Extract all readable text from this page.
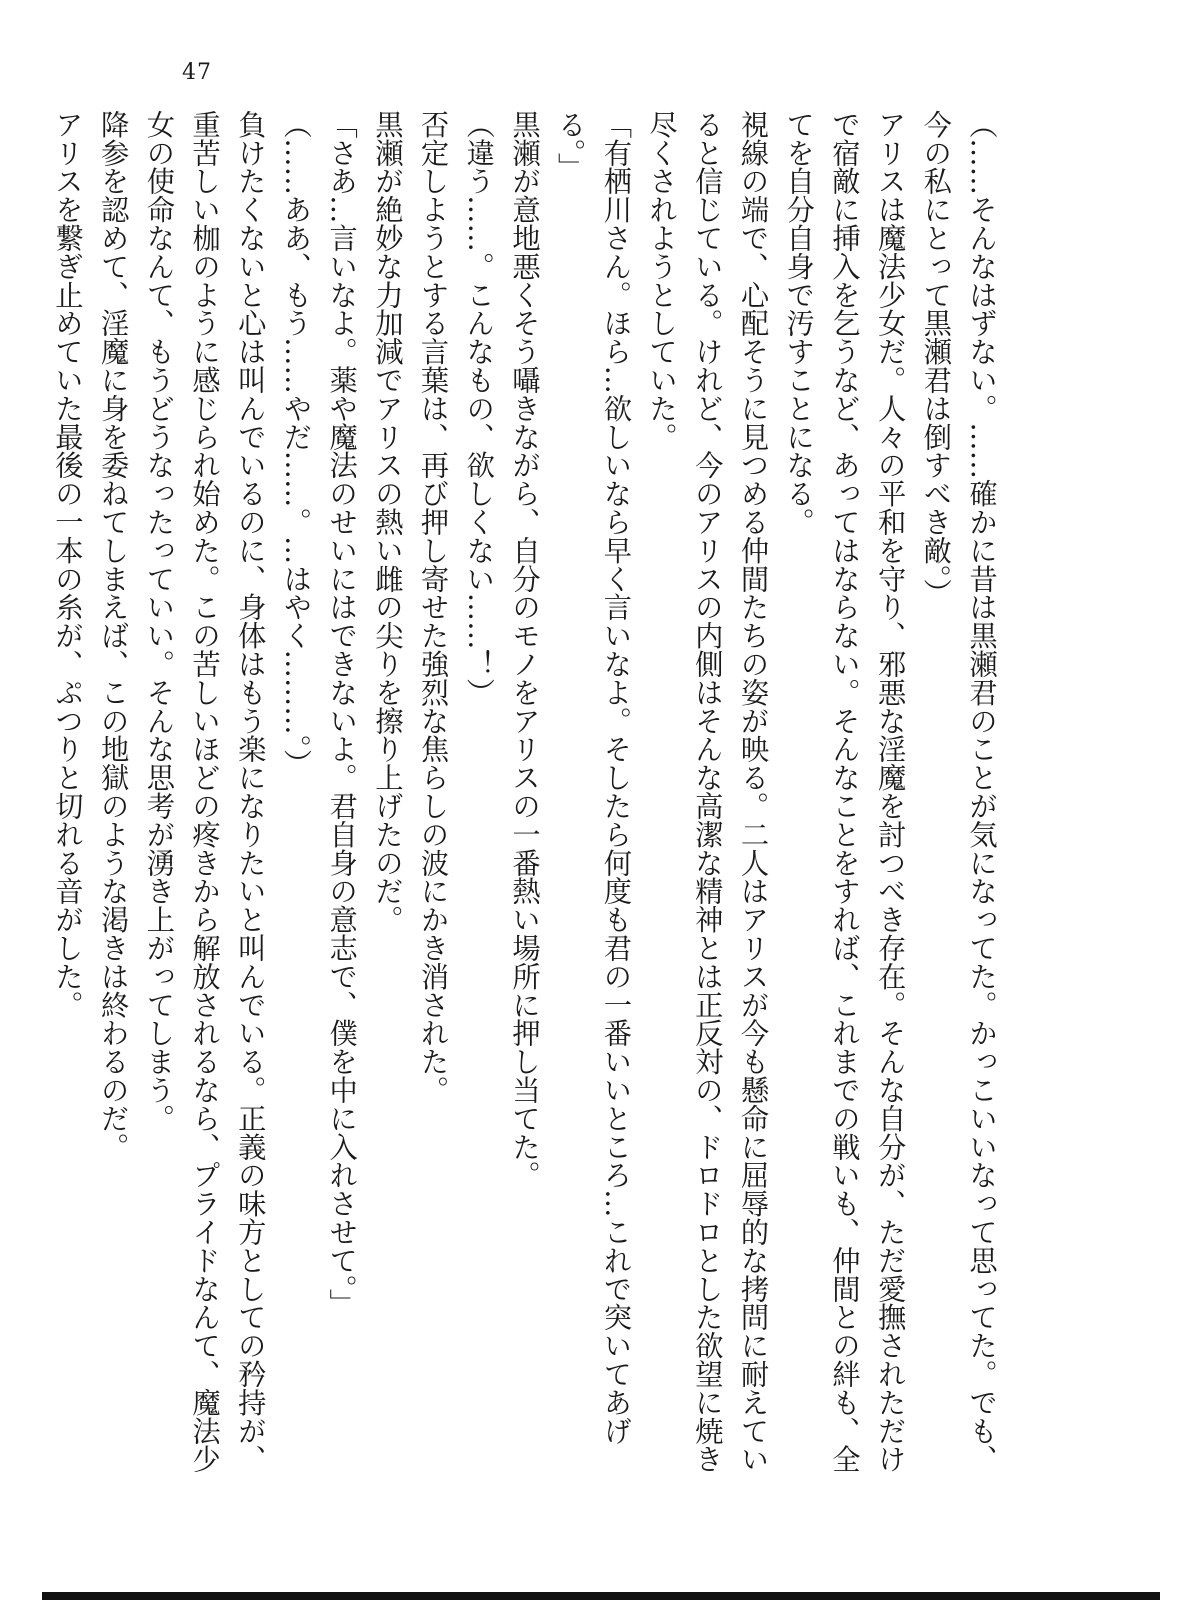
47

（……そんなはずない。……確かに昔は黒瀬君のことが気になってた。かっこいいなって思ってた。でも、今の私にとって黒瀬君は倒すべき敵。）

アリスは魔法少女だ。人々の平和を守り、邪悪な淫魔を討つべき存在。そんな自分が、ただ愛撫されただけで宿敵に挿入を乞うなど、あってはならない。そんなことをすれば、これまでの戦いも、仲間との絆も、全てを自分自身で汚すことになる。

視線の端で、心配そうに見つめる仲間たちの姿が映る。二人はアリスが今も懸命に屈辱的な拷問に耐えていると信じている。けれど、今のアリスの内側はそんな高潔な精神とは正反対の、ドロドロとした欲望に焼き尽くされようとしていた。

「有栖川さん。ほら…欲しいなら早く言いなよ。そしたら何度も君の一番いいところ…これで突いてあげる。」

黒瀬が意地悪くそう囁きながら、自分のモノをアリスの一番熱い場所に押し当てた。

（違う……。こんなもの、欲しくない……！）

否定しようとする言葉は、再び押し寄せた強烈な焦らしの波にかき消された。

黒瀬が絶妙な力加減でアリスの熱い雌の尖りを擦り上げたのだ。

「さあ…言いなよ。薬や魔法のせいにはできないよ。君自身の意志で、僕を中に入れさせて。」

（……ああ、もう……やだ……。…はやく………。）

負けたくないと心は叫んでいるのに、身体はもう楽になりたいと叫んでいる。正義の味方としての矜持が、重苦しい枷のように感じられ始めた。この苦しいほどの疼きから解放されるなら、プライドなんて、魔法少女の使命なんて、もうどうなったっていい。そんな思考が湧き上がってしまう。

降参を認めて、淫魔に身を委ねてしまえば、この地獄のような渇きは終わるのだ。

アリスを繋ぎ止めていた最後の一本の糸が、ぷつりと切れる音がした。
